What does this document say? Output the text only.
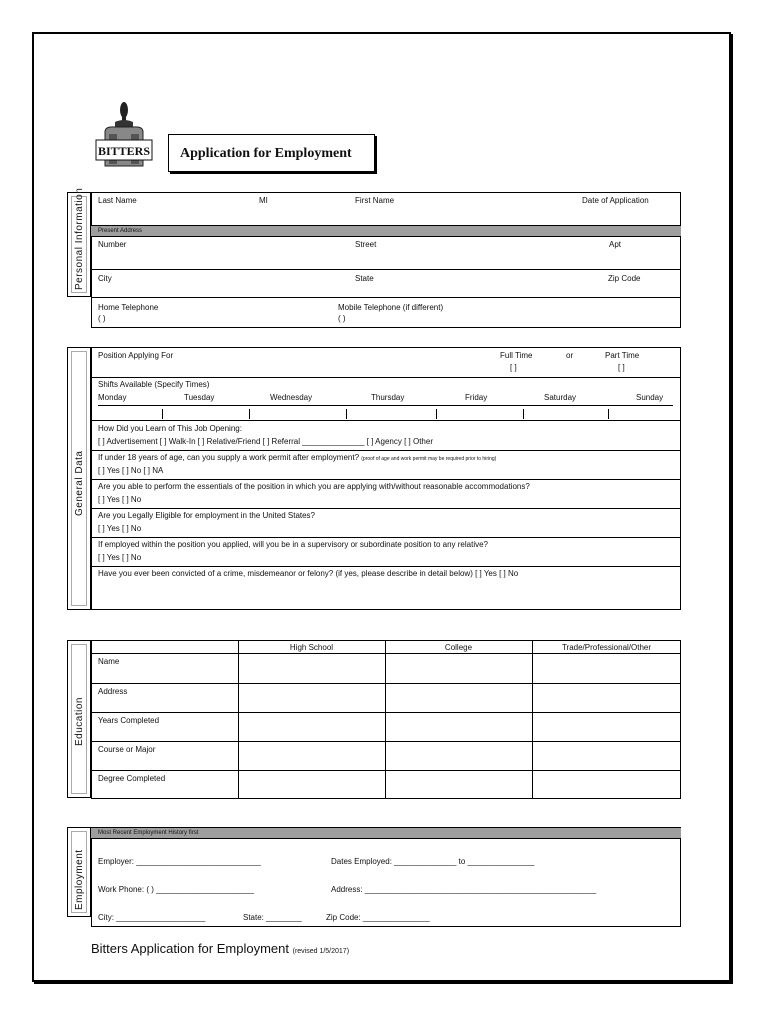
BITTERS Application for Employment
Personal Information Last Name	MI	First Name	Date of Application
Present Address
Number	Street	Apt
City	State	Zip Code
Home Telephone
( )
Mobile Telephone (if different)
( )
General Data
Position Applying For	Full Time	or	Part Time
[ ]	[ ]
Shifts Available (Specify Times)
Monday	Tuesday	Wednesday	Thursday	Friday	Saturday	Sunday
How Did you Learn of This Job Opening:
[ ] Advertisement [ ] Walk-In [ ] Relative/Friend [ ] Referral ______________ [ ] Agency [ ] Other
If under 18 years of age, can you supply a work permit after employment? (proof of age and work permit may be required prior to hiring)
[ ] Yes [ ] No [ ] NA
Are you able to perform the essentials of the position in which you are applying with/without reasonable accommodations?
[ ] Yes [ ] No
Are you Legally Eligible for employment in the United States?
[ ] Yes [ ] No
If employed within the position you applied, will you be in a supervisory or subordinate position to any relative?
[ ] Yes [ ] No
Have you ever been convicted of a crime, misdemeanor or felony? (if yes, please describe in detail below) [ ] Yes [ ] No
Education
High School	College	Trade/Professional/Other
Name
Address
Years Completed
Course or Major
Degree Completed
Employment
Most Recent Employment History first
Employer: ____________________________	Dates Employed: ______________ to _______________
Work Phone: ( ) ______________________	Address: ____________________________________________________
City: ____________________	State: ________	Zip Code: _______________
Bitters Application for Employment (revised 1/5/2017)
